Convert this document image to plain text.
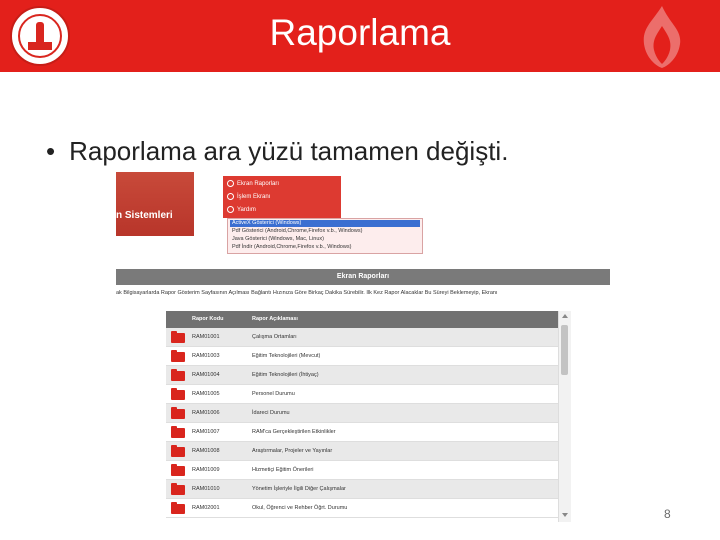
Raporlama
• Raporlama ara yüzü tamamen değişti.
n Sistemleri
Ekran Raporları
İşlem Ekranı
Yardım
ActiveX Gösterici (Windows)
Pdf Gösterici (Android,Chrome,Firefox v.b., Windows)
Java Gösterici (Windows, Mac, Linux)
Pdf İndir (Android,Chrome,Firefox v.b., Windows)
Ekran Raporları
ak Bilgisayarlarda Rapor Gösterim Sayfasının Açılması Bağlantı Hızınıza Göre Birkaç Dakika Sürebilir. İlk Kez Rapor Alacaklar Bu Süreyi Beklemeyip, Ekranı
Rapor Kodu	Rapor Açıklaması
RAM01001	Çalışma Ortamları
RAM01003	Eğitim Teknolojileri (Mevcut)
RAM01004	Eğitim Teknolojileri (İhtiyaç)
RAM01005	Personel Durumu
RAM01006	İdareci Durumu
RAM01007	RAM'ca Gerçekleştirilen Etkinlikler
RAM01008	Araştırmalar, Projeler ve Yayınlar
RAM01009	Hizmetiçi Eğitim Önerileri
RAM01010	Yönetim İşleriyle İlgili Diğer Çalışmalar
RAM02001	Okul, Öğrenci ve Rehber Öğrt. Durumu	8
